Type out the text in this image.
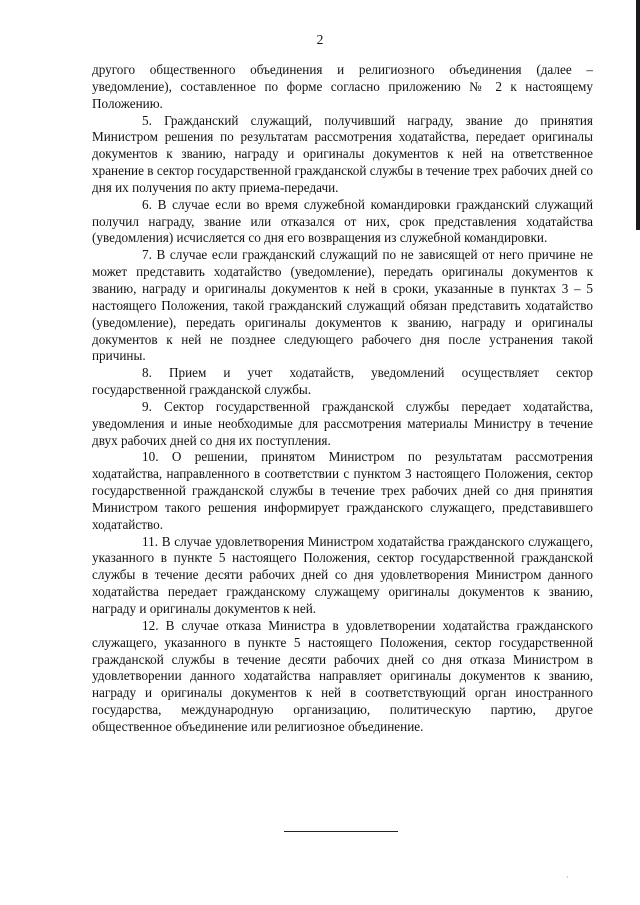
2

другого общественного объединения и религиозного объединения (далее – уведомление), составленное по форме согласно приложению № 2 к настоящему Положению.

5. Гражданский служащий, получивший награду, звание до принятия Министром решения по результатам рассмотрения ходатайства, передает оригиналы документов к званию, награду и оригиналы документов к ней на ответственное хранение в сектор государственной гражданской службы в течение трех рабочих дней со дня их получения по акту приема-передачи.

6. В случае если во время служебной командировки гражданский служащий получил награду, звание или отказался от них, срок представления ходатайства (уведомления) исчисляется со дня его возвращения из служебной командировки.

7. В случае если гражданский служащий по не зависящей от него причине не может представить ходатайство (уведомление), передать оригиналы документов к званию, награду и оригиналы документов к ней в сроки, указанные в пунктах 3 – 5 настоящего Положения, такой гражданский служащий обязан представить ходатайство (уведомление), передать оригиналы документов к званию, награду и оригиналы документов к ней не позднее следующего рабочего дня после устранения такой причины.

8. Прием и учет ходатайств, уведомлений осуществляет сектор государственной гражданской службы.

9. Сектор государственной гражданской службы передает ходатайства, уведомления и иные необходимые для рассмотрения материалы Министру в течение двух рабочих дней со дня их поступления.

10. О решении, принятом Министром по результатам рассмотрения ходатайства, направленного в соответствии с пунктом 3 настоящего Положения, сектор государственной гражданской службы в течение трех рабочих дней со дня принятия Министром такого решения информирует гражданского служащего, представившего ходатайство.

11. В случае удовлетворения Министром ходатайства гражданского служащего, указанного в пункте 5 настоящего Положения, сектор государственной гражданской службы в течение десяти рабочих дней со дня удовлетворения Министром данного ходатайства передает гражданскому служащему оригиналы документов к званию, награду и оригиналы документов к ней.

12. В случае отказа Министра в удовлетворении ходатайства гражданского служащего, указанного в пункте 5 настоящего Положения, сектор государственной гражданской службы в течение десяти рабочих дней со дня отказа Министром в удовлетворении данного ходатайства направляет оригиналы документов к званию, награду и оригиналы документов к ней в соответствующий орган иностранного государства, международную организацию, политическую партию, другое общественное объединение или религиозное объединение.

·
